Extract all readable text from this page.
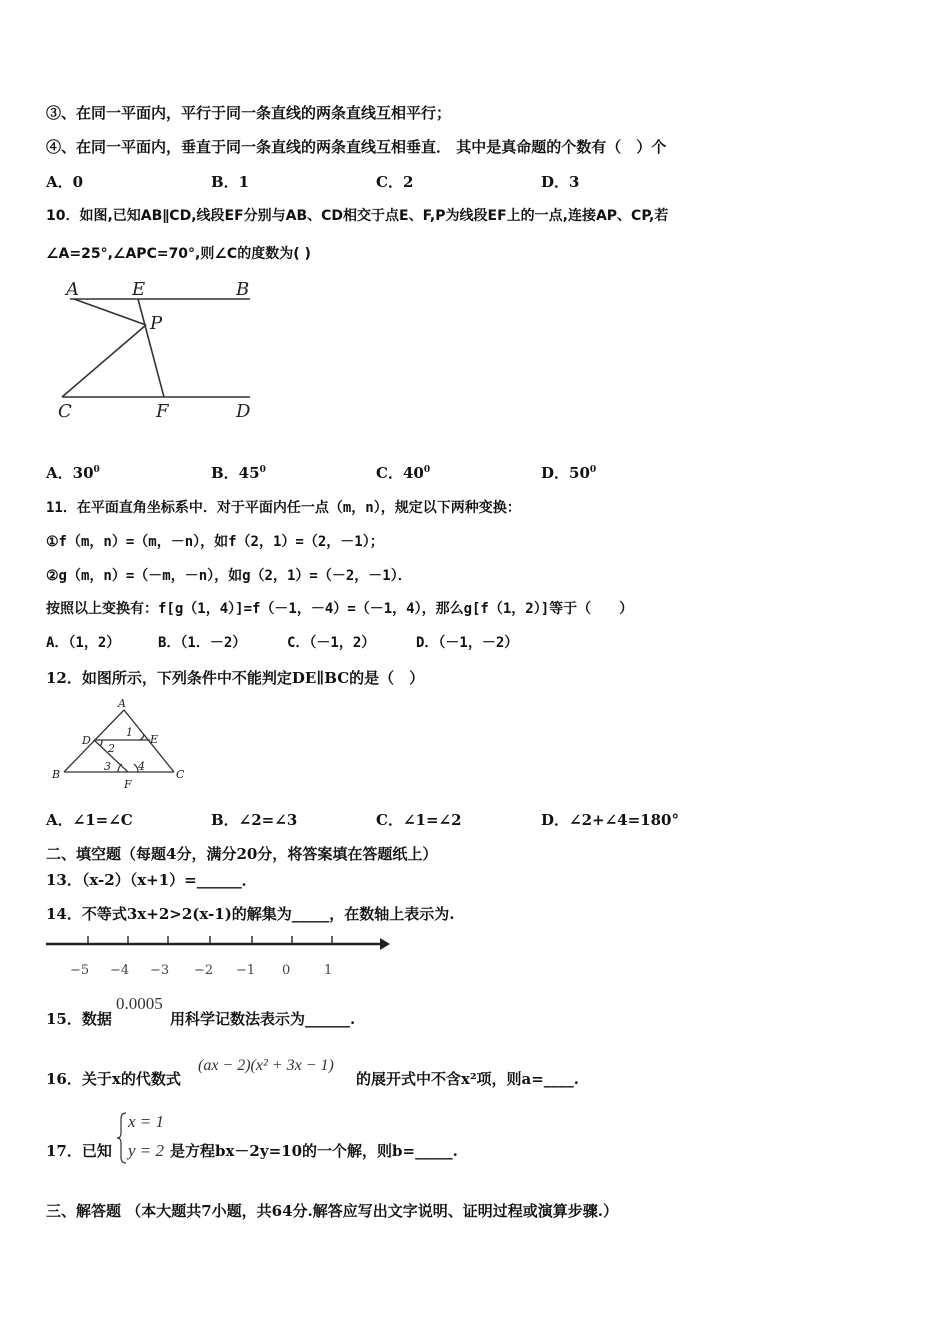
③、在同一平面内，平行于同一条直线的两条直线互相平行；
④、在同一平面内，垂直于同一条直线的两条直线互相垂直． 其中是真命题的个数有（　）个
A．0	B．1	C．2	D．3
10．如图,已知AB∥CD,线段EF分别与AB、CD相交于点E、F,P为线段EF上的一点,连接AP、CP,若
∠A=25°,∠APC=70°,则∠C的度数为( )
A	E	B
P
C	F	D
A．$30^0$	B．$45^0$	C．$40^0$	D．$50^0$
11．在平面直角坐标系中．对于平面内任一点（m，n），规定以下两种变换：
①f（m，n）=（m，－n），如f（2，1）=（2，－1）；
②g（m，n）=（－m，－n），如g（2，1）=（－2，－1）．
按照以上变换有：f[g（1，4）]=f（－1，－4）=（－1，4），那么g[f（1，2）]等于（　　）
A．（1，2）	B．（1．－2）	C．（－1，2）	D．（－1，－2）
12．如图所示，下列条件中不能判定DE∥BC的是（　）
A
D	E
1
2
B
3 4
C
F
A．∠1=∠C	B．∠2=∠3	C．∠1=∠2	D．∠2+∠4=180°
二、填空题（每题4分，满分20分，将答案填在答题纸上）
13．（x-2）（x+1）=______．
14．不等式3x+2>2(x-1)的解集为_____，在数轴上表示为.
−5 −4 −3 −2 −1 0	1
15．数据
0.0005
用科学记数法表示为______.
16．关于x的代数式
(ax − 2)(x² + 3x − 1)
的展开式中不含x²项，则a=____.
17．已知
x = 1
y = 2 是方程bx－2y=10的一个解，则b=_____.
三、解答题 （本大题共7小题，共64分.解答应写出文字说明、证明过程或演算步骤.）
